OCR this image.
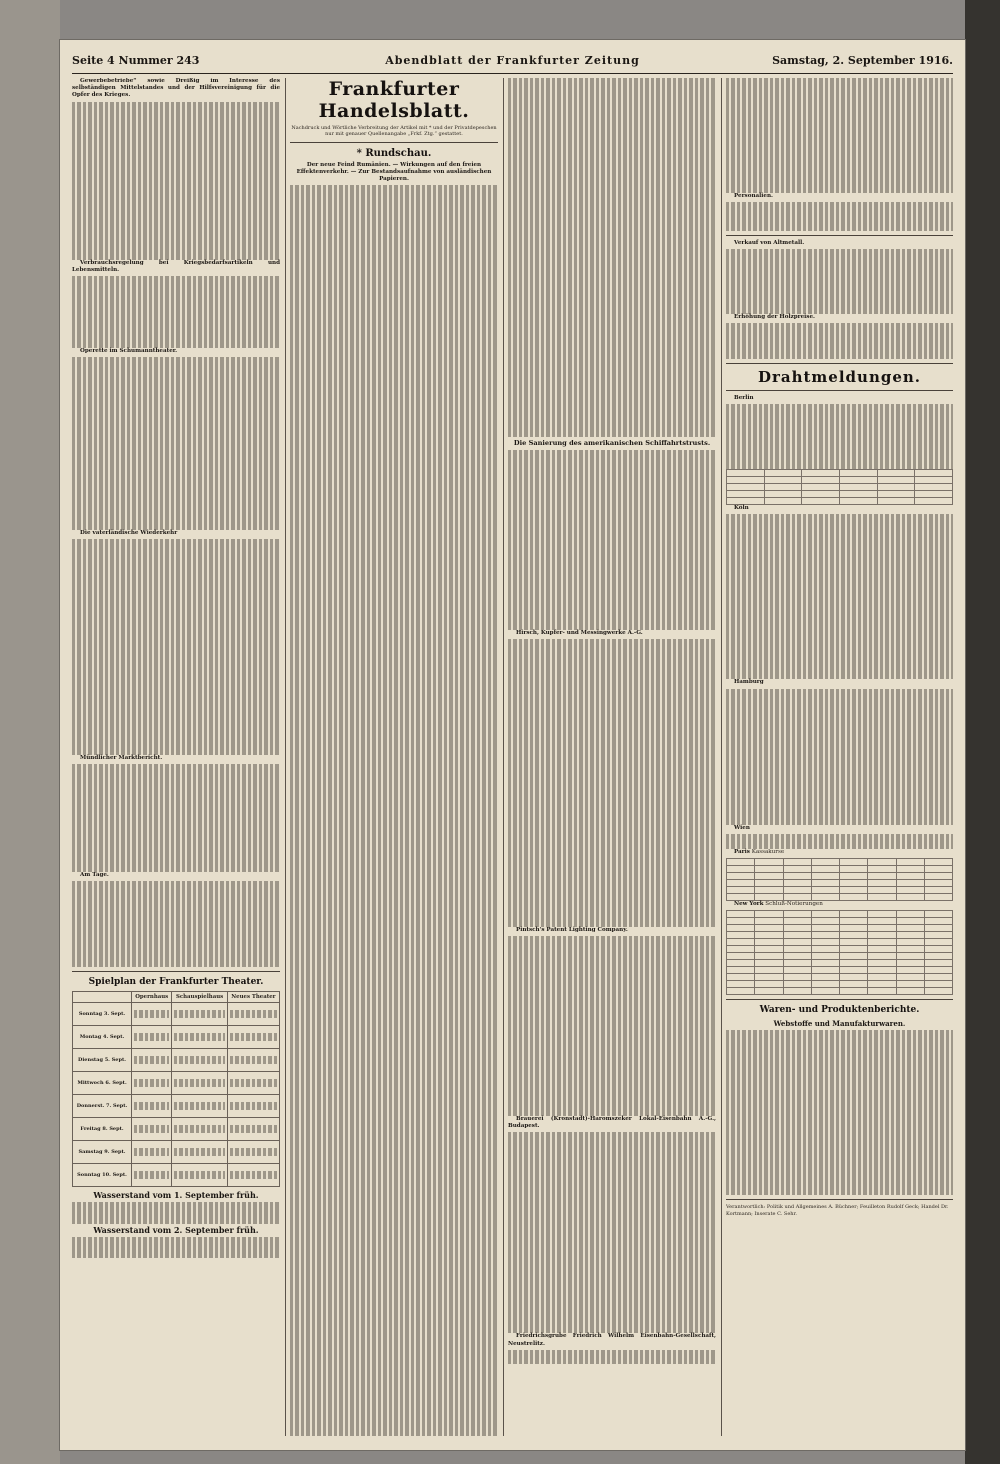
Seite 4 Nummer 243	Abendblatt der Frankfurter Zeitung	Samstag, 2. September 1916.

Gewerbebetriebe“ sowie Dreißig im Interesse des selbständigen Mittelstandes und der Hilfsvereinigung für die Opfer des Krieges.

Verbrauchsregelung bei Kriegsbedarfsartikeln und Lebensmitteln.

Operette im Schumanntheater.

Die vaterländische Wiederkehr

Mündlicher Marktbericht.

Am Tage.

Spielplan der Frankfurter Theater.
	Opernhaus	Schauspielhaus	Neues Theater
Sonntag 3. Sept.	

Montag 4. Sept.	

Dienstag 5. Sept.	

Mittwoch 6. Sept.	

Donnerst. 7. Sept.	

Freitag 8. Sept.	

Samstag 9. Sept.	

Sonntag 10. Sept.	

Wasserstand vom 1. September früh.
Wasserstand vom 2. September früh.
Frankfurter Handelsblatt.
Nachdruck und Wörtliche Verbreitung der Artikel mit * und der Privatdepeschen nur mit genauer Quellenangabe „Frkf. Ztg.“ gestattet.
* Rundschau.
Der neue Feind Rumänien. — Wirkungen auf den freien Effektenverkehr. — Zur Bestandsaufnahme von ausländischen Papieren.
Die Sanierung des amerikanischen Schiffahrtstrusts.

Hirsch, Kupfer- und Messingwerke A.-G.

Pintsch's Patent Lighting Company.

Brauerei (Kronstadt)-Haromszeker Lokal-Eisenbahn A.-G., Budapest.

Friedrichsgrube Friedrich Wilhelm Eisenbahn-Gesellschaft, Neustrelitz.

Personalien.

Verkauf von Altmetall.

Erhöhung der Holzpreise.

Drahtmeldungen.

Berlin

Köln

Hamburg

Wien

Paris Kassakurse

New York Schluß-Notierungen

Waren- und Produktenberichte.
Webstoffe und Manufakturwaren.
Verantwortlich: Politik und Allgemeines A. Büchner; Feuilleton Rudolf Geck; Handel Dr. Kortmann; Inserate C. Sehr.
